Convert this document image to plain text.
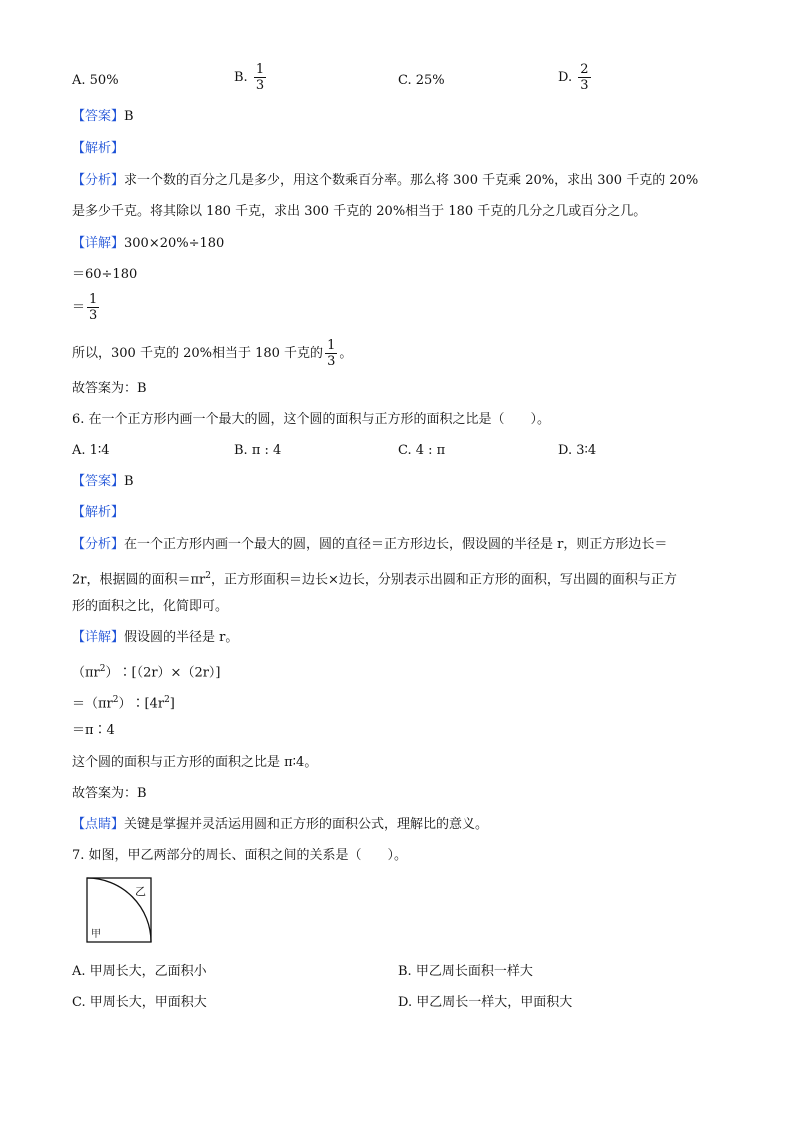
A. 50%	B. $\frac{1}{3}$	C. 25%	D. $\frac{2}{3}$
【答案】B
【解析】
【分析】求一个数的百分之几是多少，用这个数乘百分率。那么将 300 千克乘 20%，求出 300 千克的 20%
是多少千克。将其除以 180 千克，求出 300 千克的 20%相当于 180 千克的几分之几或百分之几。
【详解】300×20%÷180
＝60÷180
＝ $\frac{1}{3}$
所以，300 千克的 20%相当于 180 千克的 $\frac{1}{3}$ 。
故答案为：B
6. 在一个正方形内画一个最大的圆，这个圆的面积与正方形的面积之比是（　　）。
A. 1∶4	B. π : 4	C. 4 : π	D. 3∶4
【答案】B
【解析】
【分析】在一个正方形内画一个最大的圆，圆的直径＝正方形边长，假设圆的半径是 r，则正方形边长＝
2r，根据圆的面积$=\pi r^2$，正方形面积＝边长×边长，分别表示出圆和正方形的面积，写出圆的面积与正方
形的面积之比，化简即可。
【详解】假设圆的半径是 r。
$(\pi r^2)∶[(2r)\times(2r)]$
$=(\pi r^2)∶[4r^2]$
＝π∶4
这个圆的面积与正方形的面积之比是 π∶4。
故答案为：B
【点睛】关键是掌握并灵活运用圆和正方形的面积公式，理解比的意义。
7. 如图，甲乙两部分的周长、面积之间的关系是（　　）。
乙
甲
A. 甲周长大，乙面积小	B. 甲乙周长面积一样大
C. 甲周长大，甲面积大	D. 甲乙周长一样大，甲面积大
